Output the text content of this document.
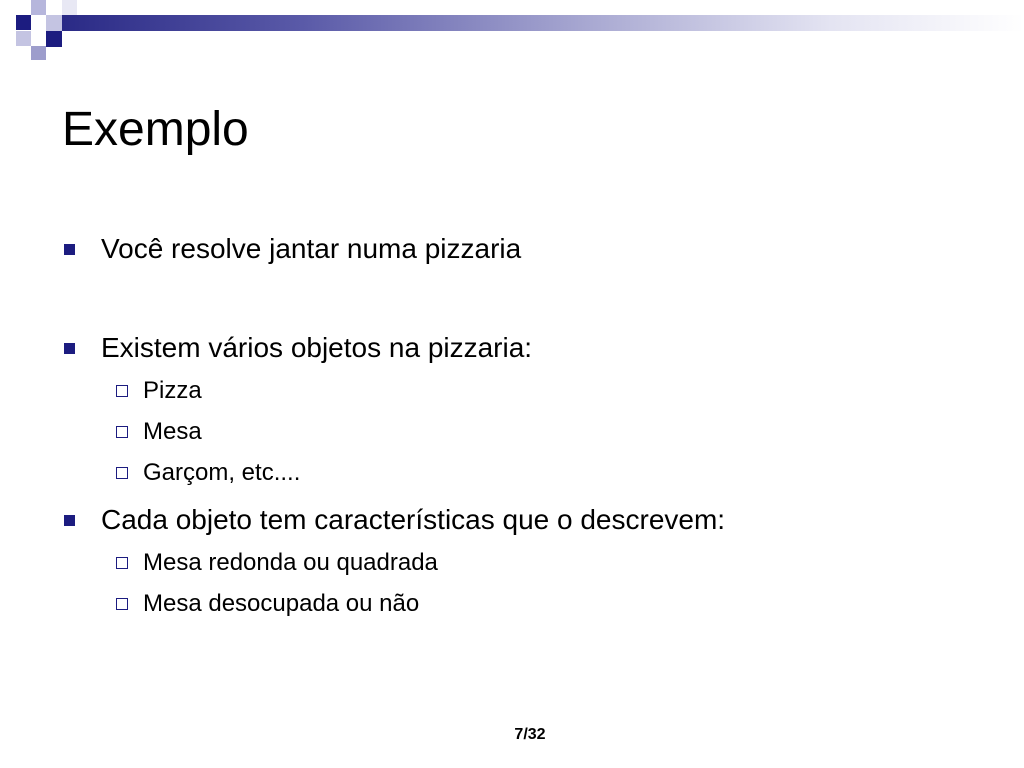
Exemplo
Você resolve jantar numa pizzaria
Existem vários objetos na pizzaria:
Pizza
Mesa
Garçom, etc....
Cada objeto tem características que o descrevem:
Mesa redonda ou quadrada
Mesa desocupada ou não
7/32
